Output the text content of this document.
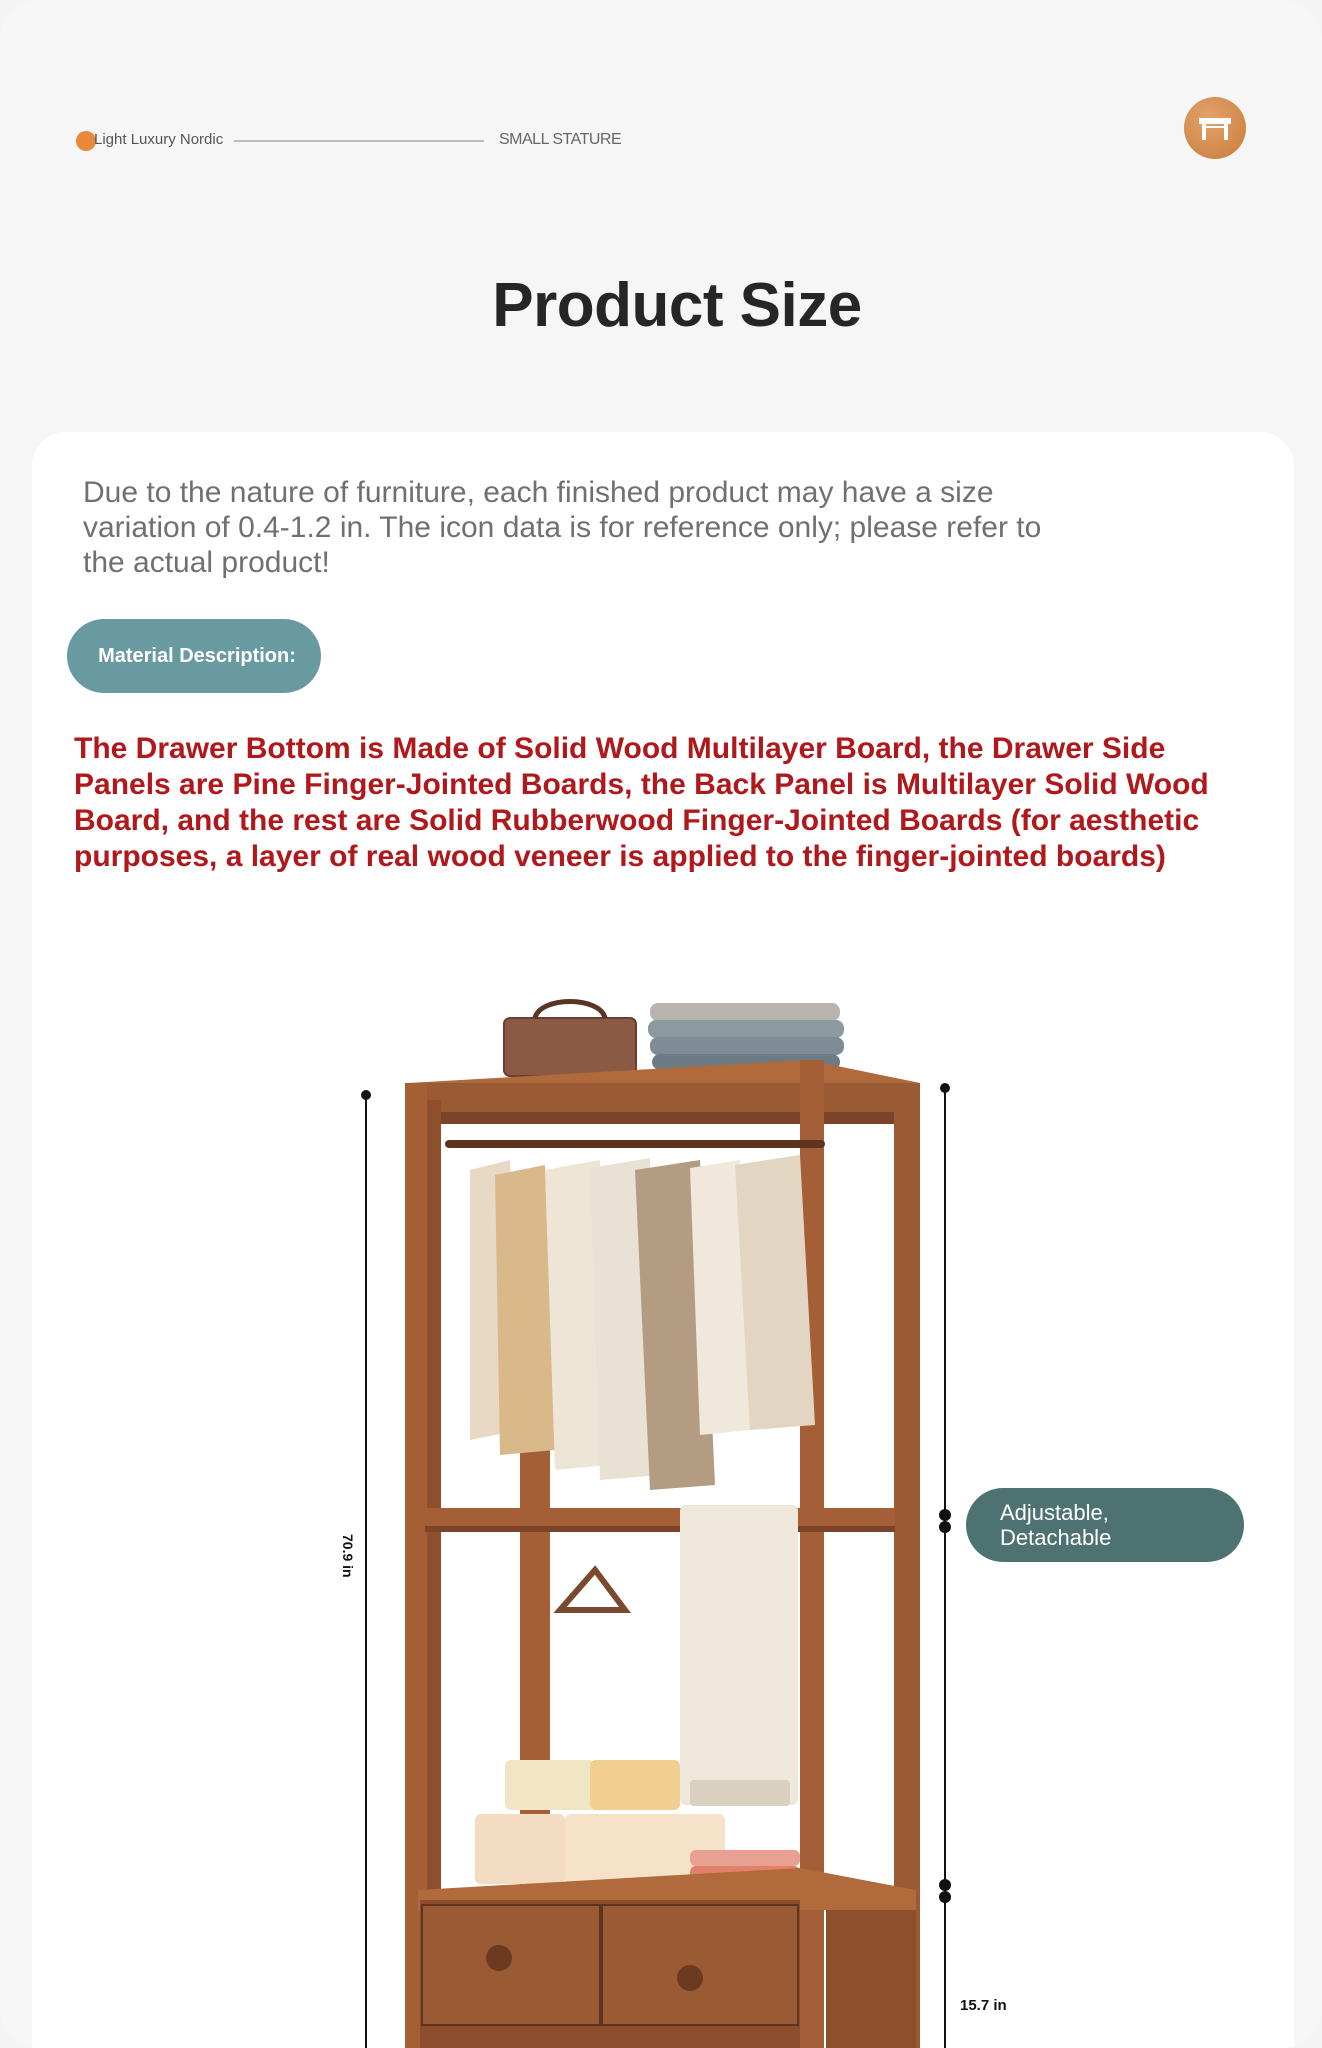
Light Luxury Nordic	SMALL STATURE
Product Size
Due to the nature of furniture, each finished product may have a size variation of 0.4-1.2 in. The icon data is for reference only; please refer to the actual product!
Material Description:
The Drawer Bottom is Made of Solid Wood Multilayer Board, the Drawer Side Panels are Pine Finger-Jointed Boards, the Back Panel is Multilayer Solid Wood Board, and the rest are Solid Rubberwood Finger-Jointed Boards (for aesthetic purposes, a layer of real wood veneer is applied to the finger-jointed boards)
70.9 in
15.7 in
Adjustable,
Detachable
